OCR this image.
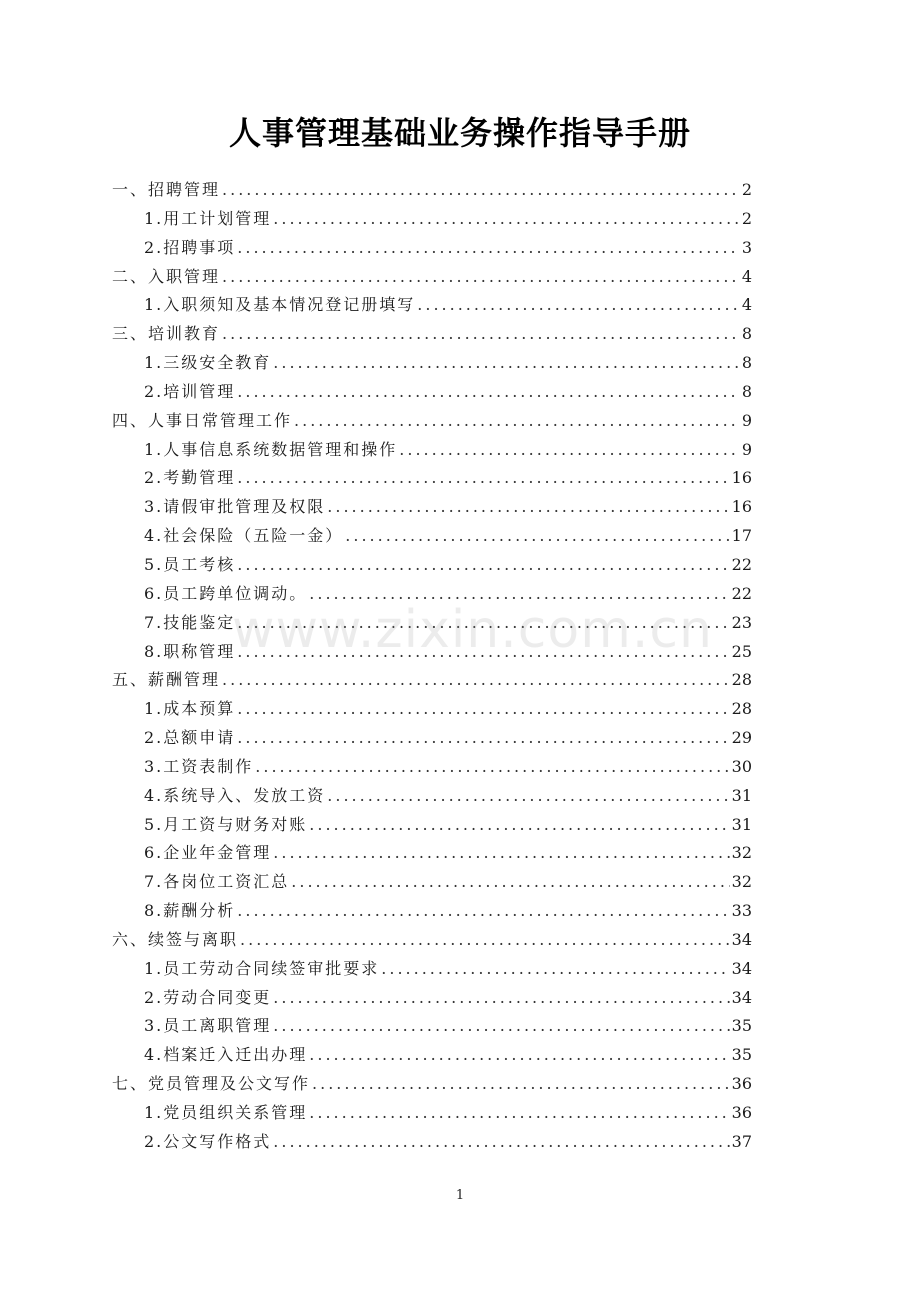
人事管理基础业务操作指导手册
一、招聘管理 .....	2
1.用工计划管理 .....	2
2.招聘事项 .....	3
二、入职管理 .....	4
1.入职须知及基本情况登记册填写 .....	4
三、培训教育 .....	8
1.三级安全教育 .....	8
2.培训管理 .....	8
四、人事日常管理工作 .....	9
1.人事信息系统数据管理和操作 .....	9
2.考勤管理 .....	16
3.请假审批管理及权限 .....	16
4.社会保险（五险一金） .....	17
5.员工考核 .....	22
6.员工跨单位调动。 .....	22
7.技能鉴定 .....	23
8.职称管理 .....	25
五、薪酬管理 .....	28
1.成本预算 .....	28
2.总额申请 .....	29
3.工资表制作 .....	30
4.系统导入、发放工资 .....	31
5.月工资与财务对账 .....	31
6.企业年金管理 .....	32
7.各岗位工资汇总 .....	32
8.薪酬分析 .....	33
六、续签与离职 .....	34
1.员工劳动合同续签审批要求 .....	34
2.劳动合同变更 .....	34
3.员工离职管理 .....	35
4.档案迁入迁出办理 .....	35
七、党员管理及公文写作 .....	36
1.党员组织关系管理 .....	36
2.公文写作格式 .....	37
www.zixin.com.cn
1
